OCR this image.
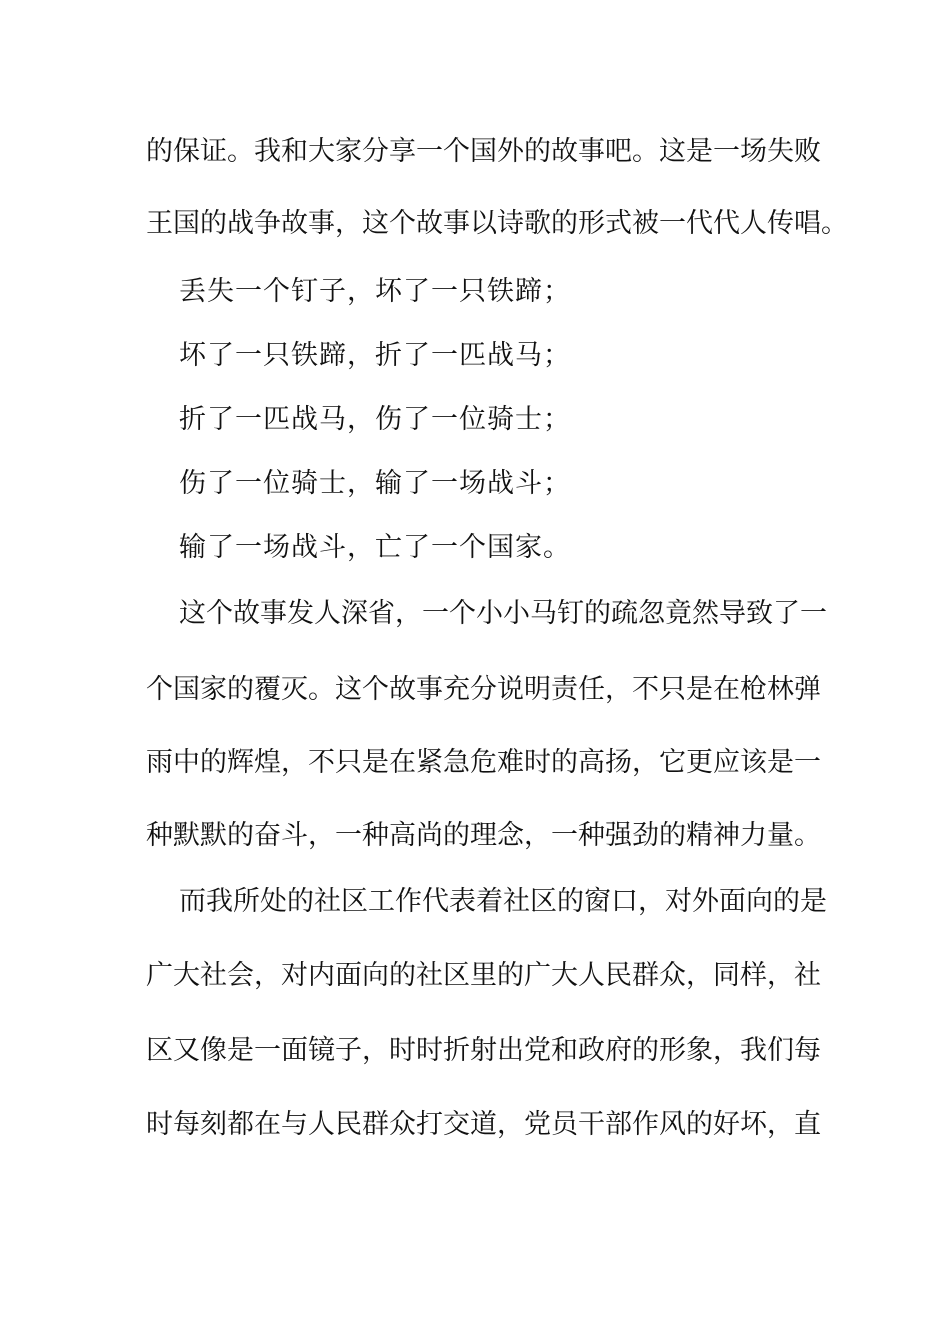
的保证。我和大家分享一个国外的故事吧。这是一场失败
王国的战争故事，这个故事以诗歌的形式被一代代人传唱。
丢失一个钉子，坏了一只铁蹄；
坏了一只铁蹄，折了一匹战马；
折了一匹战马，伤了一位骑士；
伤了一位骑士，输了一场战斗；
输了一场战斗，亡了一个国家。
这个故事发人深省，一个小小马钉的疏忽竟然导致了一
个国家的覆灭。这个故事充分说明责任，不只是在枪林弹
雨中的辉煌，不只是在紧急危难时的高扬，它更应该是一
种默默的奋斗，一种高尚的理念，一种强劲的精神力量。
而我所处的社区工作代表着社区的窗口，对外面向的是
广大社会，对内面向的社区里的广大人民群众，同样，社
区又像是一面镜子，时时折射出党和政府的形象，我们每
时每刻都在与人民群众打交道，党员干部作风的好坏，直
